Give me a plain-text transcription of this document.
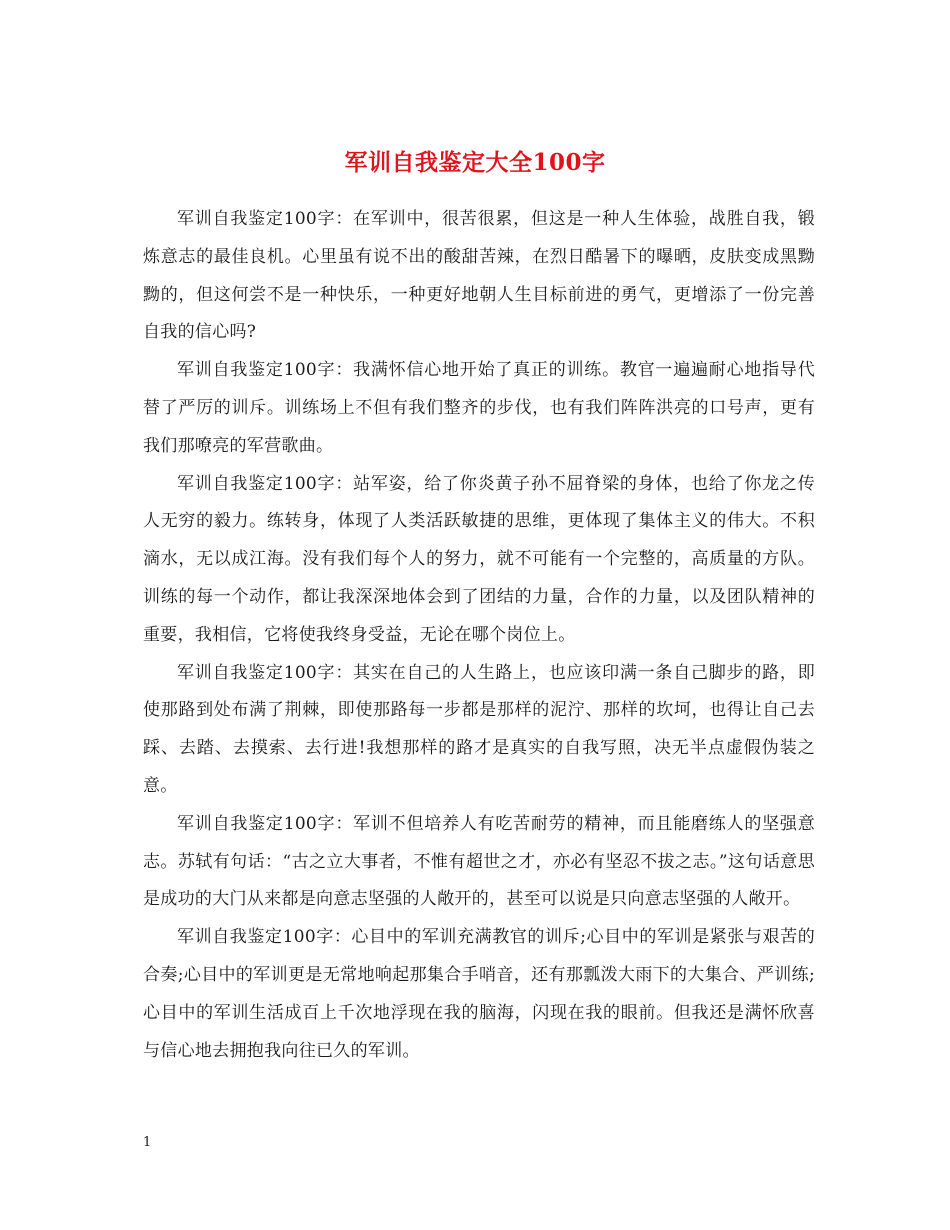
军训自我鉴定大全100字

军训自我鉴定100字：在军训中，很苦很累，但这是一种人生体验，战胜自我，锻炼意志的最佳良机。心里虽有说不出的酸甜苦辣，在烈日酷暑下的曝晒，皮肤变成黑黝黝的，但这何尝不是一种快乐，一种更好地朝人生目标前进的勇气，更增添了一份完善自我的信心吗?

军训自我鉴定100字：我满怀信心地开始了真正的训练。教官一遍遍耐心地指导代替了严厉的训斥。训练场上不但有我们整齐的步伐，也有我们阵阵洪亮的口号声，更有我们那嘹亮的军营歌曲。

军训自我鉴定100字：站军姿，给了你炎黄子孙不屈脊梁的身体，也给了你龙之传人无穷的毅力。练转身，体现了人类活跃敏捷的思维，更体现了集体主义的伟大。不积滴水，无以成江海。没有我们每个人的努力，就不可能有一个完整的，高质量的方队。训练的每一个动作，都让我深深地体会到了团结的力量，合作的力量，以及团队精神的重要，我相信，它将使我终身受益，无论在哪个岗位上。

军训自我鉴定100字：其实在自己的人生路上，也应该印满一条自己脚步的路，即使那路到处布满了荆棘，即使那路每一步都是那样的泥泞、那样的坎坷，也得让自己去踩、去踏、去摸索、去行进!我想那样的路才是真实的自我写照，决无半点虚假伪装之意。

军训自我鉴定100字：军训不但培养人有吃苦耐劳的精神，而且能磨练人的坚强意志。苏轼有句话：“古之立大事者，不惟有超世之才，亦必有坚忍不拔之志。”这句话意思是成功的大门从来都是向意志坚强的人敞开的，甚至可以说是只向意志坚强的人敞开。

军训自我鉴定100字：心目中的军训充满教官的训斥;心目中的军训是紧张与艰苦的合奏;心目中的军训更是无常地响起那集合手哨音，还有那瓢泼大雨下的大集合、严训练;心目中的军训生活成百上千次地浮现在我的脑海，闪现在我的眼前。但我还是满怀欣喜与信心地去拥抱我向往已久的军训。

1
